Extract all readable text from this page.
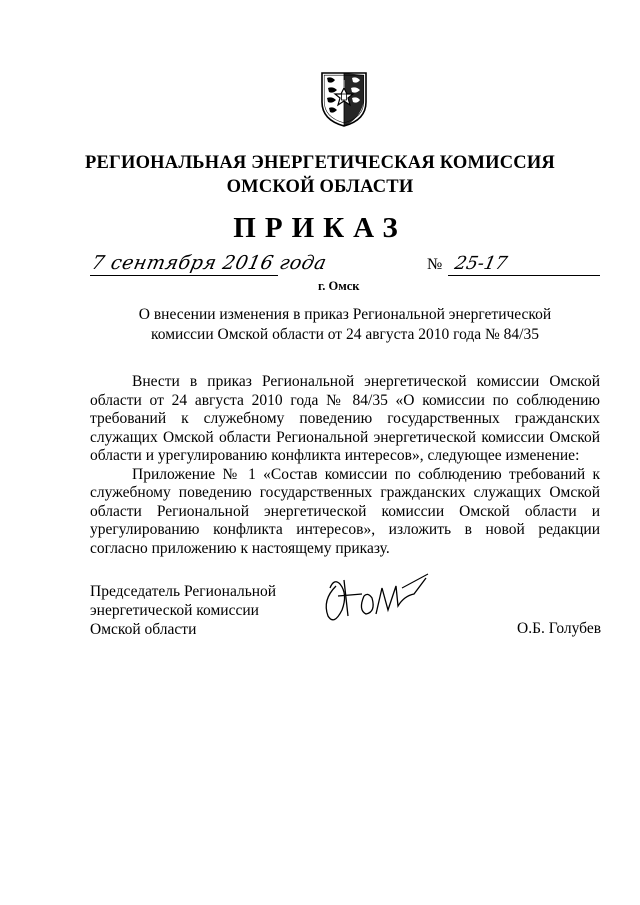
РЕГИОНАЛЬНАЯ ЭНЕРГЕТИЧЕСКАЯ КОМИССИЯ
ОМСКОЙ ОБЛАСТИ
ПРИКАЗ
7 сентября 2016 года
г. Омск
№ 25-17
О внесении изменения в приказ Региональной энергетической
комиссии Омской области от 24 августа 2010 года № 84/35

Внести в приказ Региональной энергетической комиссии Омской области от 24 августа 2010 года № 84/35 «О комиссии по соблюдению требований к служебному поведению государственных гражданских служащих Омской области Региональной энергетической комиссии Омской области и урегулированию конфликта интересов», следующее изменение:

Приложение № 1 «Состав комиссии по соблюдению требований к служебному поведению государственных гражданских служащих Омской области Региональной энергетической комиссии Омской области и урегулированию конфликта интересов», изложить в новой редакции согласно приложению к настоящему приказу.

Председатель Региональной
энергетической комиссии
Омской области	О.Б. Голубев
